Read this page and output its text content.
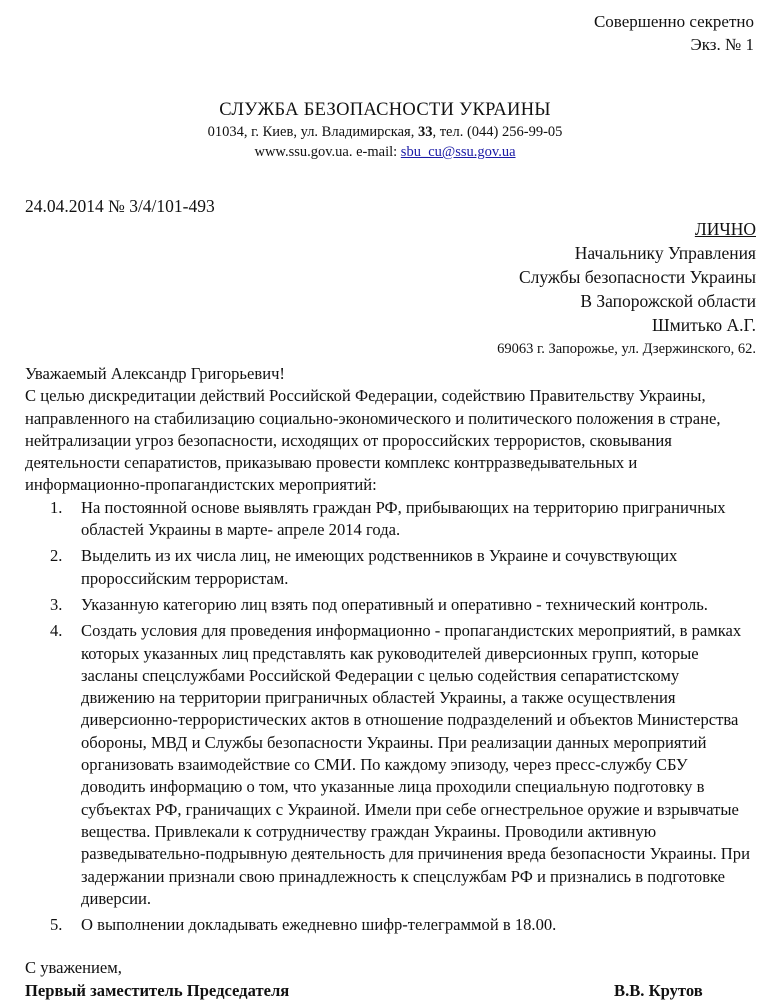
Совершенно секретно
Экз. № 1
СЛУЖБА БЕЗОПАСНОСТИ УКРАИНЫ
01034, г. Киев, ул. Владимирская, 33, тел. (044) 256-99-05
www.ssu.gov.ua. e-mail: sbu_cu@ssu.gov.ua
24.04.2014 № 3/4/101-493
ЛИЧНО
Начальнику Управления
Службы безопасности Украины
В Запорожской области
Шмитько А.Г.
69063 г. Запорожье, ул. Дзержинского, 62.

Уважаемый Александр Григорьевич!

С целью дискредитации действий Российской Федерации, содействию Правительству Украины, направленного на стабилизацию социально-экономического и политического положения в стране, нейтрализации угроз безопасности, исходящих от пророссийских террористов, сковывания деятельности сепаратистов, приказываю провести комплекс контрразведывательных и информационно-пропагандистских мероприятий:

1. На постоянной основе выявлять граждан РФ, прибывающих на территорию приграничных областей Украины в марте- апреле 2014 года.
2. Выделить из их числа лиц, не имеющих родственников в Украине и сочувствующих пророссийским террористам.
3. Указанную категорию лиц взять под оперативный и оперативно - технический контроль.
4. Создать условия для проведения информационно - пропагандистских мероприятий, в рамках которых указанных лиц представлять как руководителей диверсионных групп, которые засланы спецслужбами Российской Федерации с целью содействия сепаратистскому движению на территории приграничных областей Украины, а также осуществления диверсионно-террористических актов в отношение подразделений и объектов Министерства обороны, МВД и Службы безопасности Украины. При реализации данных мероприятий организовать взаимодействие со СМИ. По каждому эпизоду, через пресс-службу СБУ доводить информацию о том, что указанные лица проходили специальную подготовку в субъектах РФ, граничащих с Украиной. Имели при себе огнестрельное оружие и взрывчатые вещества. Привлекали к сотрудничеству граждан Украины. Проводили активную разведывательно-подрывную деятельность для причинения вреда безопасности Украины. При задержании признали свою принадлежность к спецслужбам РФ и признались в подготовке диверсии.
5. О выполнении докладывать ежедневно шифр-телеграммой в 18.00.
С уважением,
Первый заместитель Председателя	В.В. Крутов
